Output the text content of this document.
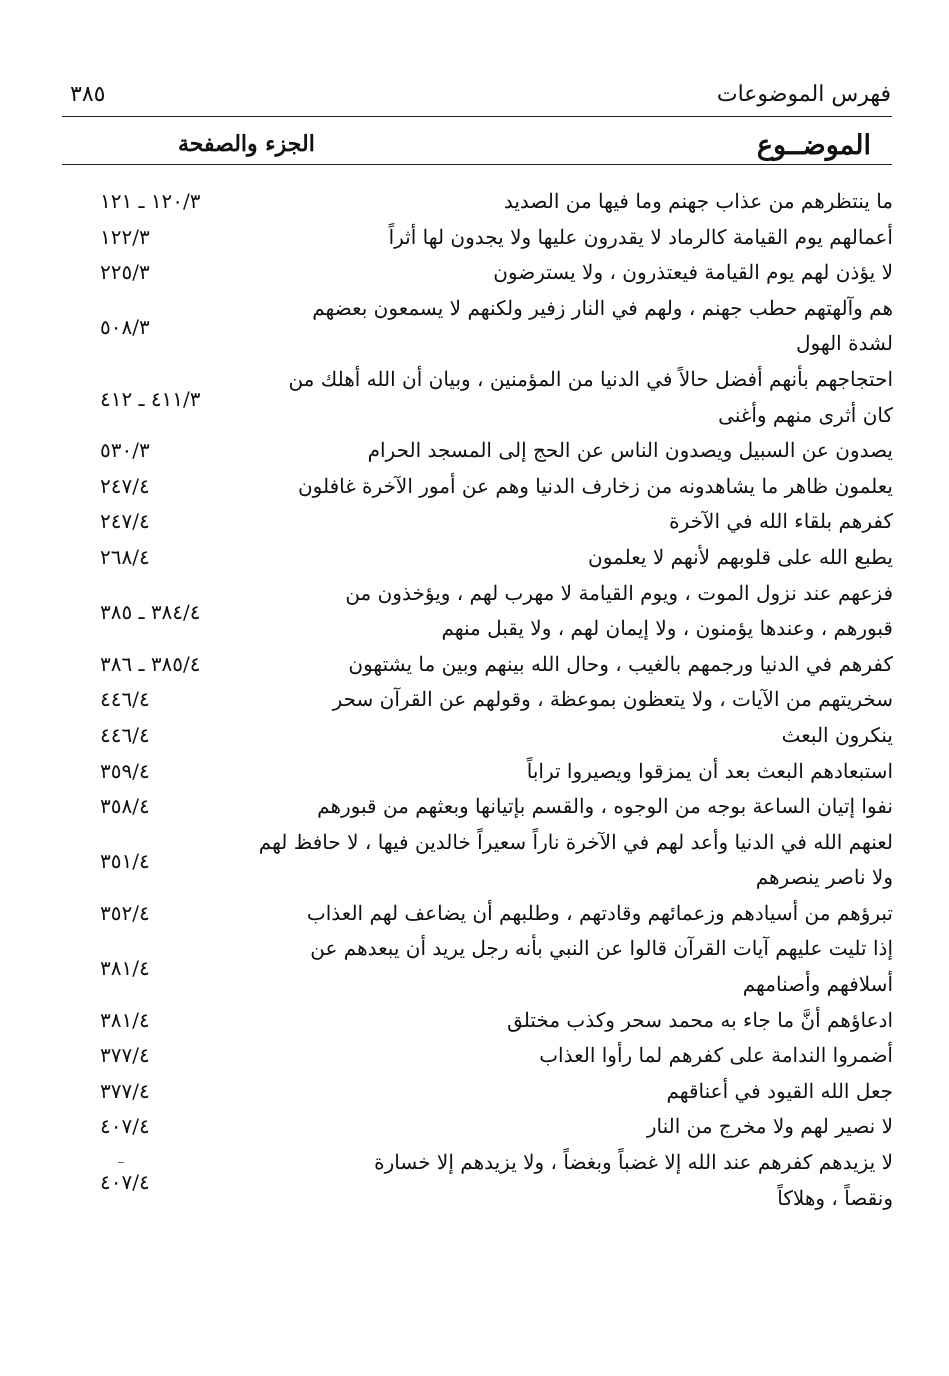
فهرس الموضوعات
٣٨٥
الموضــوع
الجزء والصفحة
ما ينتظرهم من عذاب جهنم وما فيها من الصديد
١٢٠/٣ ـ ١٢١
أعمالهم يوم القيامة كالرماد لا يقدرون عليها ولا يجدون لها أثراً
١٢٢/٣
لا يؤذن لهم يوم القيامة فيعتذرون ، ولا يسترضون
٢٢٥/٣
هم وآلهتهم حطب جهنم ، ولهم في النار زفير ولكنهم لا يسمعون بعضهم
لشدة الهول
٥٠٨/٣
احتجاجهم بأنهم أفضل حالاً في الدنيا من المؤمنين ، وبيان أن الله أهلك من
كان أثرى منهم وأغنى
٤١١/٣ ـ ٤١٢
يصدون عن السبيل ويصدون الناس عن الحج إلى المسجد الحرام
٥٣٠/٣
يعلمون ظاهر ما يشاهدونه من زخارف الدنيا وهم عن أمور الآخرة غافلون
٢٤٧/٤
كفرهم بلقاء الله في الآخرة
٢٤٧/٤
يطبع الله على قلوبهم لأنهم لا يعلمون
٢٦٨/٤
فزعهم عند نزول الموت ، ويوم القيامة لا مهرب لهم ، ويؤخذون من
قبورهم ، وعندها يؤمنون ، ولا إيمان لهم ، ولا يقبل منهم
٣٨٤/٤ ـ ٣٨٥
كفرهم في الدنيا ورجمهم بالغيب ، وحال الله بينهم وبين ما يشتهون
٣٨٥/٤ ـ ٣٨٦
سخريتهم من الآيات ، ولا يتعظون بموعظة ، وقولهم عن القرآن سحر
٤٤٦/٤
ينكرون البعث
٤٤٦/٤
استبعادهم البعث بعد أن يمزقوا ويصيروا تراباً
٣٥٩/٤
نفوا إتيان الساعة بوجه من الوجوه ، والقسم بإتيانها وبعثهم من قبورهم
٣٥٨/٤
لعنهم الله في الدنيا وأعد لهم في الآخرة ناراً سعيراً خالدين فيها ، لا حافظ لهم
ولا ناصر ينصرهم
٣٥١/٤
تبرؤهم من أسيادهم وزعمائهم وقادتهم ، وطلبهم أن يضاعف لهم العذاب
٣٥٢/٤
إذا تليت عليهم آيات القرآن قالوا عن النبي بأنه رجل يريد أن يبعدهم عن
أسلافهم وأصنامهم
٣٨١/٤
ادعاؤهم أنَّ ما جاء به محمد سحر وكذب مختلق
٣٨١/٤
أضمروا الندامة على كفرهم لما رأوا العذاب
٣٧٧/٤
جعل الله القيود في أعناقهم
٣٧٧/٤
لا نصير لهم ولا مخرج من النار
٤٠٧/٤
لا يزيدهم كفرهم عند الله إلا غضباً وبغضاً ، ولا يزيدهم إلا خسارة
ونقصاً ، وهلاكاً
٤٠٧/٤
